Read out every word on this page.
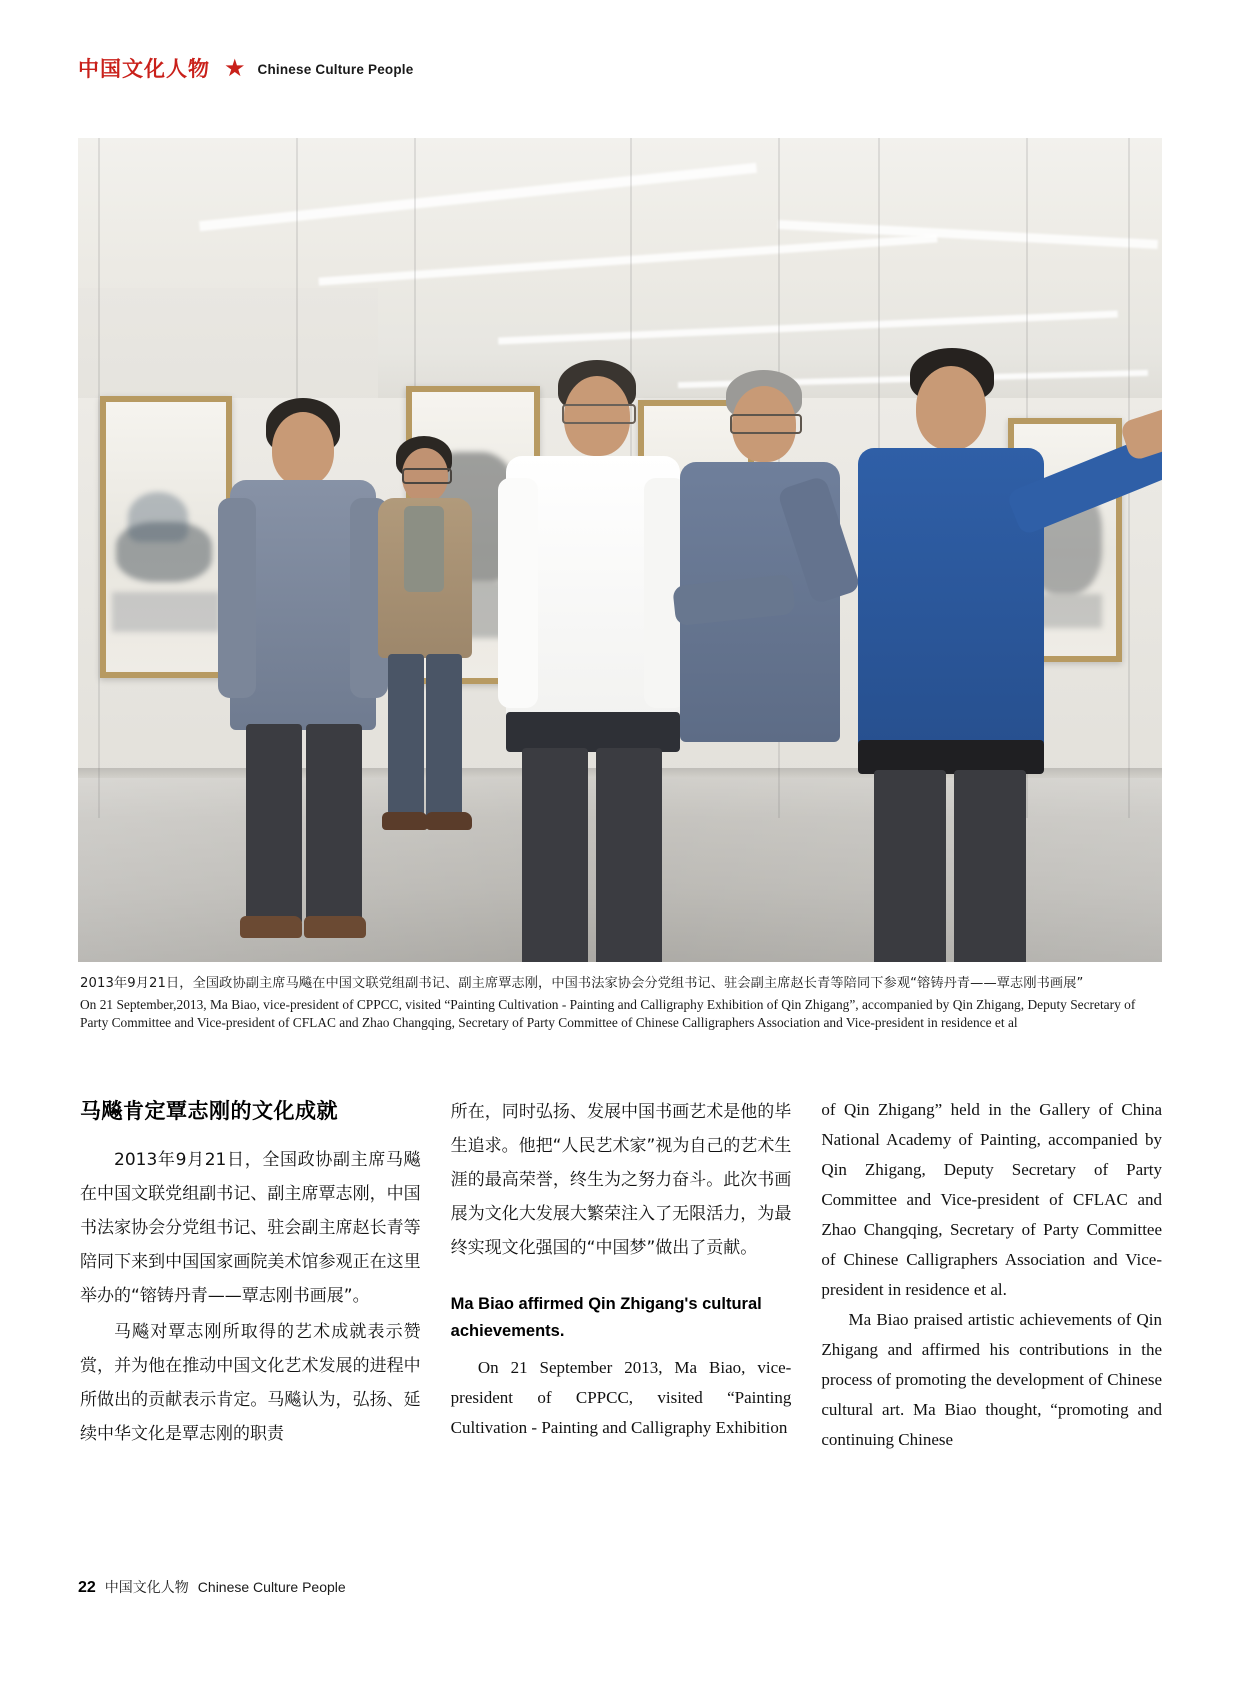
中国文化人物 ★ Chinese Culture People
2013年9月21日，全国政协副主席马飚在中国文联党组副书记、副主席覃志刚，中国书法家协会分党组书记、驻会副主席赵长青等陪同下参观“镕铸丹青——覃志刚书画展”
On 21 September,2013, Ma Biao, vice-president of CPPCC, visited “Painting Cultivation - Painting and Calligraphy Exhibition of Qin Zhigang”, accompanied by Qin Zhigang, Deputy Secretary of Party Committee and Vice-president of CFLAC and Zhao Changqing, Secretary of Party Committee of Chinese Calligraphers Association and Vice-president in residence et al
马飚肯定覃志刚的文化成就

2013年9月21日，全国政协副主席马飚在中国文联党组副书记、副主席覃志刚，中国书法家协会分党组书记、驻会副主席赵长青等陪同下来到中国国家画院美术馆参观正在这里举办的“镕铸丹青——覃志刚书画展”。

马飚对覃志刚所取得的艺术成就表示赞赏，并为他在推动中国文化艺术发展的进程中所做出的贡献表示肯定。马飚认为，弘扬、延续中华文化是覃志刚的职责

所在，同时弘扬、发展中国书画艺术是他的毕生追求。他把“人民艺术家”视为自己的艺术生涯的最高荣誉，终生为之努力奋斗。此次书画展为文化大发展大繁荣注入了无限活力，为最终实现文化强国的“中国梦”做出了贡献。

Ma Biao affirmed Qin Zhigang's cultural achievements.

On 21 September 2013, Ma Biao, vice-president of CPPCC, visited “Painting Cultivation - Painting and Calligraphy Exhibition

of Qin Zhigang” held in the Gallery of China National Academy of Painting, accompanied by Qin Zhigang, Deputy Secretary of Party Committee and Vice-president of CFLAC and Zhao Changqing, Secretary of Party Committee of Chinese Calligraphers Association and Vice-president in residence et al.

Ma Biao praised artistic achievements of Qin Zhigang and affirmed his contributions in the process of promoting the development of Chinese cultural art. Ma Biao thought, “promoting and continuing Chinese

22 中国文化人物 Chinese Culture People
